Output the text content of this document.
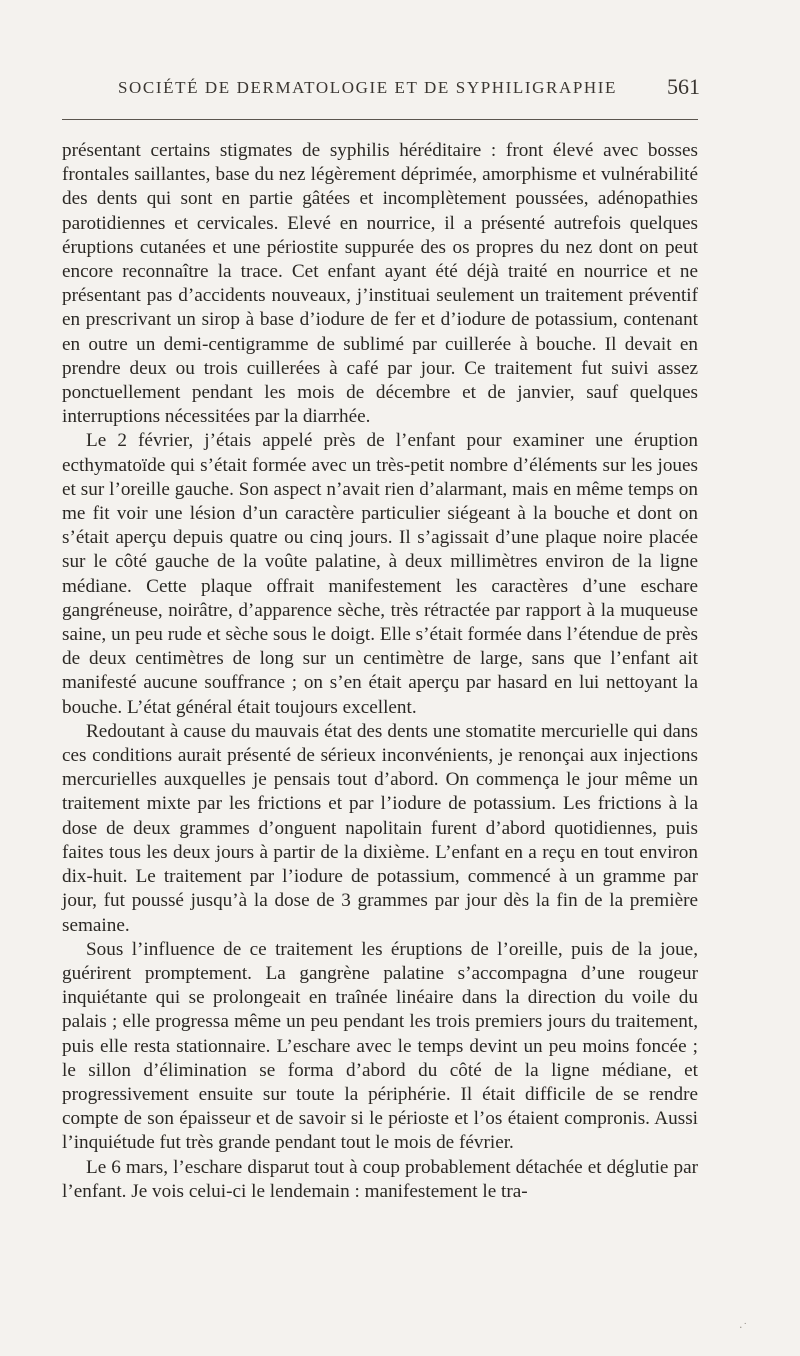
SOCIÉTÉ DE DERMATOLOGIE ET DE SYPHILIGRAPHIE 561

présentant certains stigmates de syphilis héréditaire : front élevé avec bosses frontales saillantes, base du nez légèrement déprimée, amorphisme et vulnérabilité des dents qui sont en partie gâtées et incomplètement poussées, adénopathies parotidiennes et cervicales. Elevé en nourrice, il a présenté autrefois quelques éruptions cutanées et une périostite suppurée des os propres du nez dont on peut encore reconnaître la trace. Cet enfant ayant été déjà traité en nourrice et ne présentant pas d’accidents nouveaux, j’instituai seulement un traitement préventif en prescrivant un sirop à base d’iodure de fer et d’iodure de potassium, contenant en outre un demi-centigramme de sublimé par cuillerée à bouche. Il devait en prendre deux ou trois cuillerées à café par jour. Ce traitement fut suivi assez ponctuellement pendant les mois de décembre et de janvier, sauf quelques interruptions nécessitées par la diarrhée.

Le 2 février, j’étais appelé près de l’enfant pour examiner une éruption ecthymatoïde qui s’était formée avec un très-petit nombre d’éléments sur les joues et sur l’oreille gauche. Son aspect n’avait rien d’alarmant, mais en même temps on me fit voir une lésion d’un caractère particulier siégeant à la bouche et dont on s’était aperçu depuis quatre ou cinq jours. Il s’agissait d’une plaque noire placée sur le côté gauche de la voûte palatine, à deux millimètres environ de la ligne médiane. Cette plaque offrait manifestement les caractères d’une eschare gangréneuse, noirâtre, d’apparence sèche, très rétractée par rapport à la muqueuse saine, un peu rude et sèche sous le doigt. Elle s’était formée dans l’étendue de près de deux centimètres de long sur un centimètre de large, sans que l’enfant ait manifesté aucune souffrance ; on s’en était aperçu par hasard en lui nettoyant la bouche. L’état général était toujours excellent.

Redoutant à cause du mauvais état des dents une stomatite mercurielle qui dans ces conditions aurait présenté de sérieux inconvénients, je renonçai aux injections mercurielles auxquelles je pensais tout d’abord. On commença le jour même un traitement mixte par les frictions et par l’iodure de potassium. Les frictions à la dose de deux grammes d’onguent napolitain furent d’abord quotidiennes, puis faites tous les deux jours à partir de la dixième. L’enfant en a reçu en tout environ dix-huit. Le traitement par l’iodure de potassium, commencé à un gramme par jour, fut poussé jusqu’à la dose de 3 grammes par jour dès la fin de la première semaine.

Sous l’influence de ce traitement les éruptions de l’oreille, puis de la joue, guérirent promptement. La gangrène palatine s’accompagna d’une rougeur inquiétante qui se prolongeait en traînée linéaire dans la direction du voile du palais ; elle progressa même un peu pendant les trois premiers jours du traitement, puis elle resta stationnaire. L’eschare avec le temps devint un peu moins foncée ; le sillon d’élimination se forma d’abord du côté de la ligne médiane, et progressivement ensuite sur toute la périphérie. Il était difficile de se rendre compte de son épaisseur et de savoir si le périoste et l’os étaient compronis. Aussi l’inquiétude fut très grande pendant tout le mois de février.

Le 6 mars, l’eschare disparut tout à coup probablement détachée et déglutie par l’enfant. Je vois celui-ci le lendemain : manifestement le tra-

·˙
